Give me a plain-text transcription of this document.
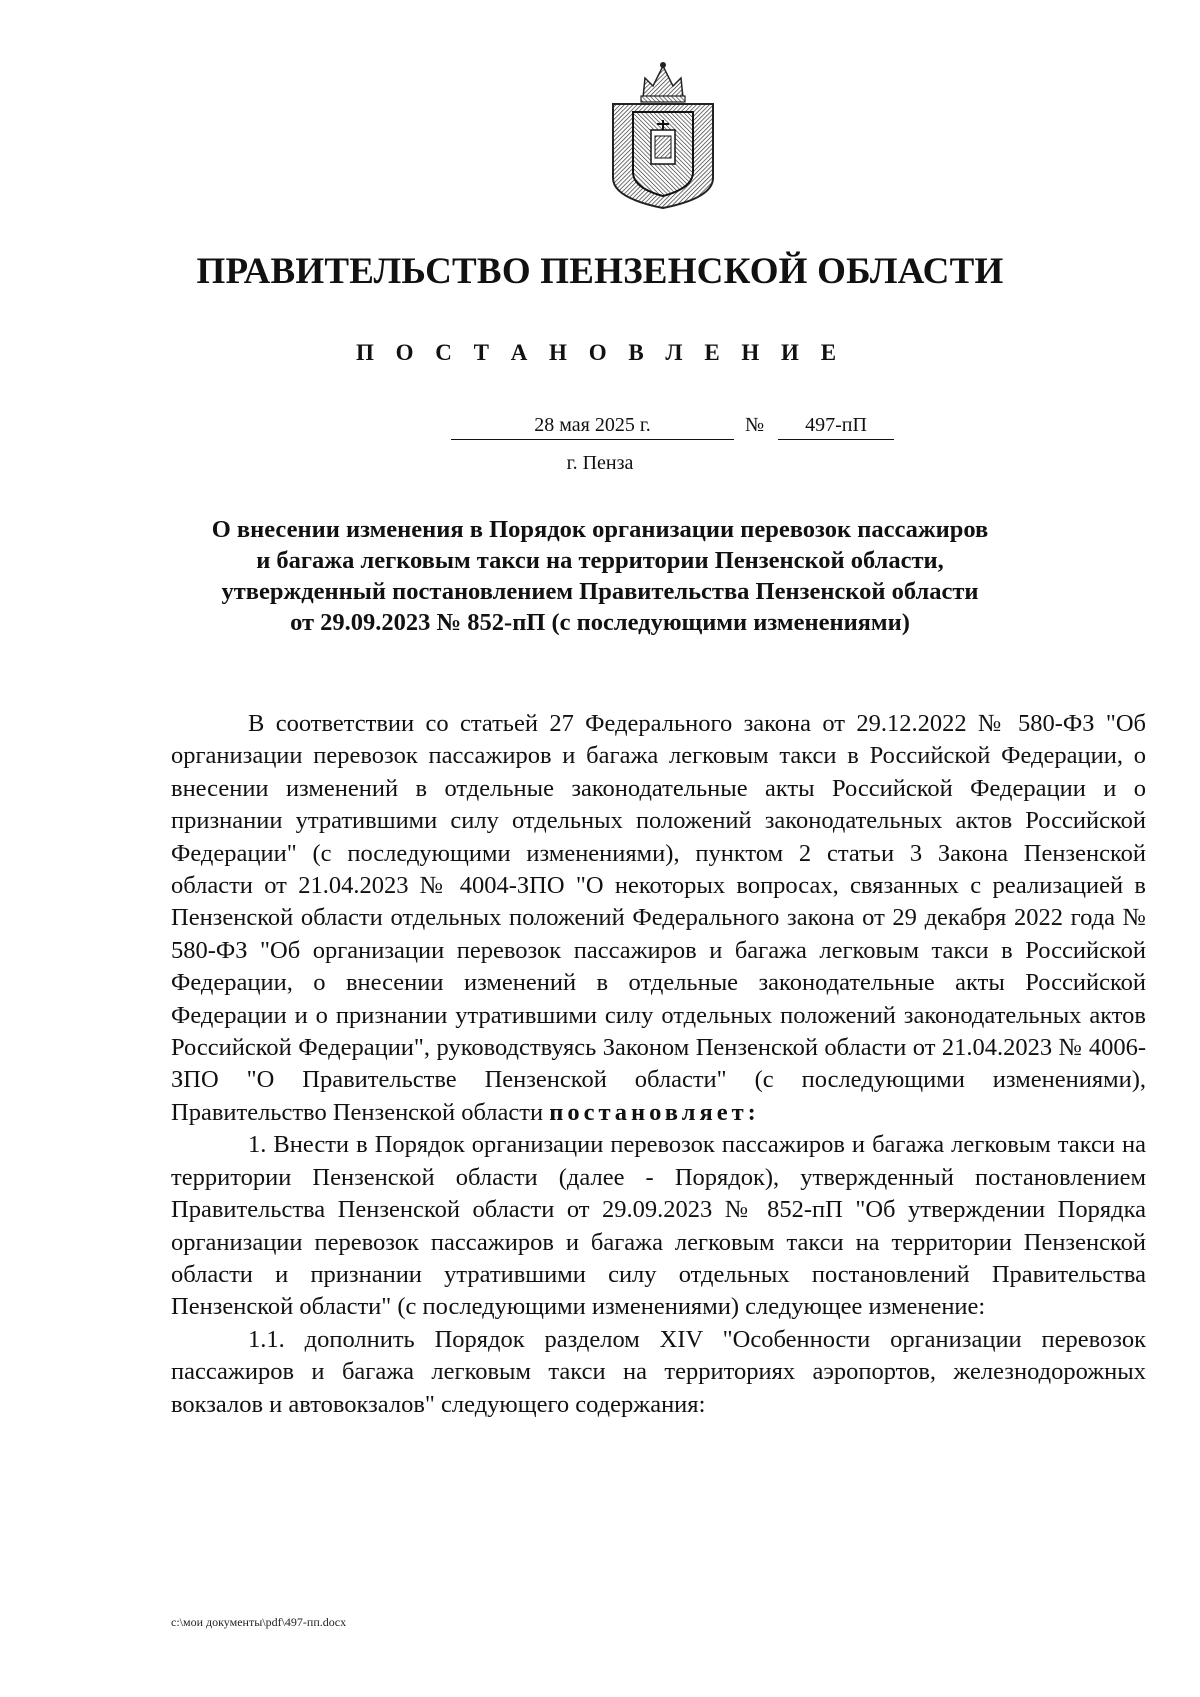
ПРАВИТЕЛЬСТВО ПЕНЗЕНСКОЙ ОБЛАСТИ
П О С Т А Н О В Л Е Н И Е
28 мая 2025 г.	№	497-пП
г. Пенза
О внесении изменения в Порядок организации перевозок пассажиров
и багажа легковым такси на территории Пензенской области,
утвержденный постановлением Правительства Пензенской области
от 29.09.2023 № 852-пП (с последующими изменениями)

В соответствии со статьей 27 Федерального закона от 29.12.2022 № 580-ФЗ "Об организации перевозок пассажиров и багажа легковым такси в Российской Федерации, о внесении изменений в отдельные законодательные акты Российской Федерации и о признании утратившими силу отдельных положений законодательных актов Российской Федерации" (с последующими изменениями), пунктом 2 статьи 3 Закона Пензенской области от 21.04.2023 № 4004-ЗПО "О некоторых вопросах, связанных с реализацией в Пензенской области отдельных положений Федерального закона от 29 декабря 2022 года № 580-ФЗ "Об организации перевозок пассажиров и багажа легковым такси в Российской Федерации, о внесении изменений в отдельные законодательные акты Российской Федерации и о признании утратившими силу отдельных положений законодательных актов Российской Федерации", руководствуясь Законом Пензенской области от 21.04.2023 № 4006-ЗПО "О Правительстве Пензенской области" (с последующими изменениями), Правительство Пензенской области постановляет:

1. Внести в Порядок организации перевозок пассажиров и багажа легковым такси на территории Пензенской области (далее - Порядок), утвержденный постановлением Правительства Пензенской области от 29.09.2023 № 852-пП "Об утверждении Порядка организации перевозок пассажиров и багажа легковым такси на территории Пензенской области и признании утратившими силу отдельных постановлений Правительства Пензенской области" (с последующими изменениями) следующее изменение:

1.1. дополнить Порядок разделом XIV "Особенности организации перевозок пассажиров и багажа легковым такси на территориях аэропортов, железнодорожных вокзалов и автовокзалов" следующего содержания:

c:\мои документы\pdf\497-пп.docx
